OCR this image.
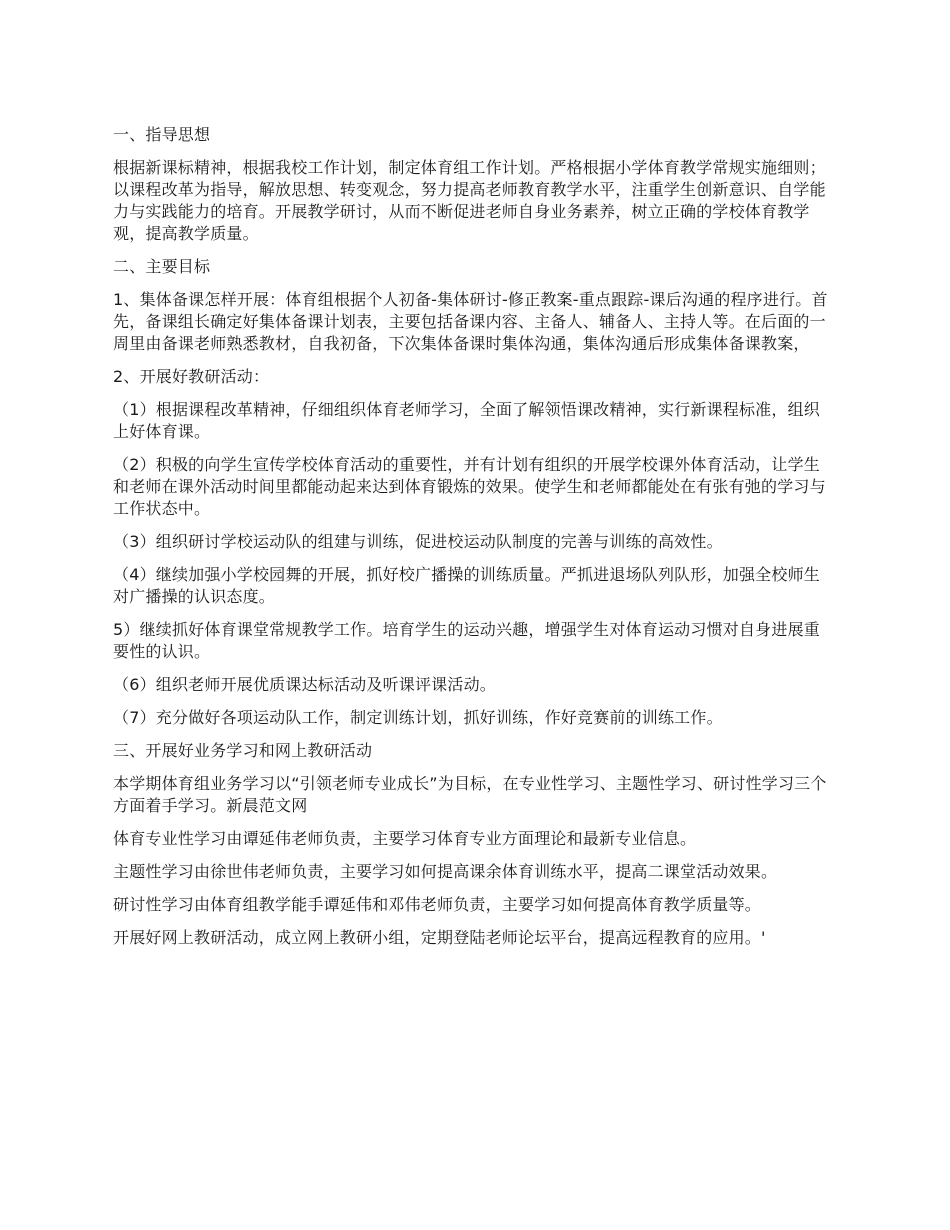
一、指导思想

根据新课标精神，根据我校工作计划，制定体育组工作计划。严格根据小学体育教学常规实施细则；以课程改革为指导，解放思想、转变观念，努力提高老师教育教学水平，注重学生创新意识、自学能力与实践能力的培育。开展教学研讨，从而不断促进老师自身业务素养，树立正确的学校体育教学观，提高教学质量。

二、主要目标

1、集体备课怎样开展：体育组根据个人初备-集体研讨-修正教案-重点跟踪-课后沟通的程序进行。首先，备课组长确定好集体备课计划表，主要包括备课内容、主备人、辅备人、主持人等。在后面的一周里由备课老师熟悉教材，自我初备，下次集体备课时集体沟通，集体沟通后形成集体备课教案，

2、开展好教研活动：

（1）根据课程改革精神，仔细组织体育老师学习，全面了解领悟课改精神，实行新课程标准，组织上好体育课。

（2）积极的向学生宣传学校体育活动的重要性，并有计划有组织的开展学校课外体育活动，让学生和老师在课外活动时间里都能动起来达到体育锻炼的效果。使学生和老师都能处在有张有弛的学习与工作状态中。

（3）组织研讨学校运动队的组建与训练，促进校运动队制度的完善与训练的高效性。

（4）继续加强小学校园舞的开展，抓好校广播操的训练质量。严抓进退场队列队形，加强全校师生对广播操的认识态度。

5）继续抓好体育课堂常规教学工作。培育学生的运动兴趣，增强学生对体育运动习惯对自身进展重要性的认识。

（6）组织老师开展优质课达标活动及听课评课活动。

（7）充分做好各项运动队工作，制定训练计划，抓好训练，作好竞赛前的训练工作。

三、开展好业务学习和网上教研活动

本学期体育组业务学习以“引领老师专业成长”为目标，在专业性学习、主题性学习、研讨性学习三个方面着手学习。新晨范文网

体育专业性学习由谭延伟老师负责，主要学习体育专业方面理论和最新专业信息。

主题性学习由徐世伟老师负责，主要学习如何提高课余体育训练水平，提高二课堂活动效果。

研讨性学习由体育组教学能手谭延伟和邓伟老师负责，主要学习如何提高体育教学质量等。

开展好网上教研活动，成立网上教研小组，定期登陆老师论坛平台，提高远程教育的应用。'
